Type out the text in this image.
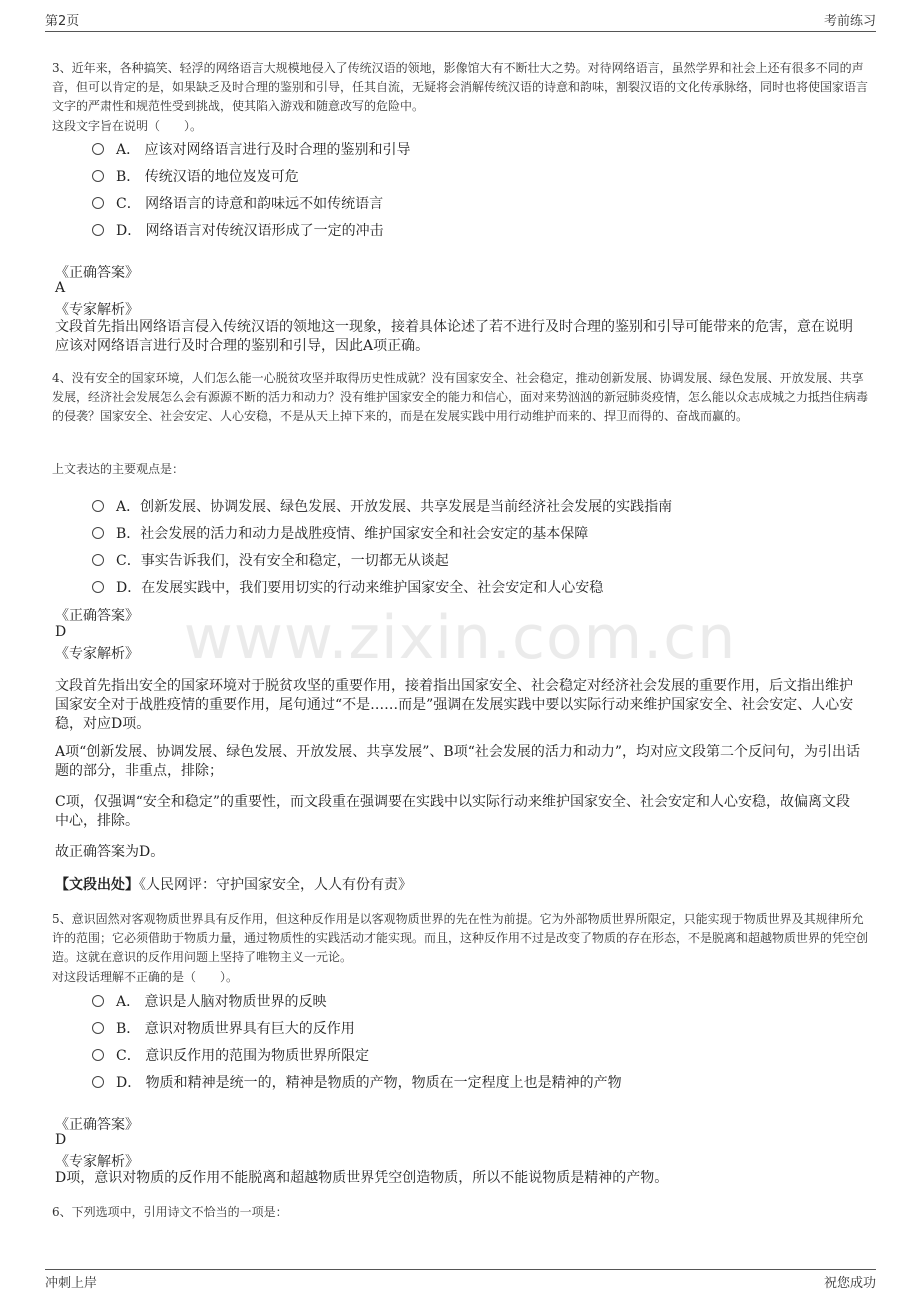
第2页	考前练习
www.zixin.com.cn
3、近年来，各种搞笑、轻浮的网络语言大规模地侵入了传统汉语的领地，影像馆大有不断壮大之势。对待网络语言，虽然学界和社会上还有很多不同的声音，但可以肯定的是，如果缺乏及时合理的鉴别和引导，任其自流，无疑将会消解传统汉语的诗意和韵味，割裂汉语的文化传承脉络，同时也将使国家语言文字的严肃性和规范性受到挑战，使其陷入游戏和随意改写的危险中。
这段文字旨在说明（　　）。
A． 应该对网络语言进行及时合理的鉴别和引导
B． 传统汉语的地位岌岌可危
C． 网络语言的诗意和韵味远不如传统语言
D． 网络语言对传统汉语形成了一定的冲击
《正确答案》
A
《专家解析》
文段首先指出网络语言侵入传统汉语的领地这一现象，接着具体论述了若不进行及时合理的鉴别和引导可能带来的危害，意在说明应该对网络语言进行及时合理的鉴别和引导，因此A项正确。
4、没有安全的国家环境，人们怎么能一心脱贫攻坚并取得历史性成就？没有国家安全、社会稳定，推动创新发展、协调发展、绿色发展、开放发展、共享发展，经济社会发展怎么会有源源不断的活力和动力？没有维护国家安全的能力和信心，面对来势汹汹的新冠肺炎疫情，怎么能以众志成城之力抵挡住病毒的侵袭？国家安全、社会安定、人心安稳，不是从天上掉下来的，而是在发展实践中用行动维护而来的、捍卫而得的、奋战而赢的。
上文表达的主要观点是：
A．创新发展、协调发展、绿色发展、开放发展、共享发展是当前经济社会发展的实践指南
B．社会发展的活力和动力是战胜疫情、维护国家安全和社会安定的基本保障
C．事实告诉我们，没有安全和稳定，一切都无从谈起
D．在发展实践中，我们要用切实的行动来维护国家安全、社会安定和人心安稳
《正确答案》
D
《专家解析》
文段首先指出安全的国家环境对于脱贫攻坚的重要作用，接着指出国家安全、社会稳定对经济社会发展的重要作用，后文指出维护国家安全对于战胜疫情的重要作用，尾句通过“不是……而是”强调在发展实践中要以实际行动来维护国家安全、社会安定、人心安稳，对应D项。
A项“创新发展、协调发展、绿色发展、开放发展、共享发展”、B项“社会发展的活力和动力”，均对应文段第二个反问句，为引出话题的部分，非重点，排除；
C项，仅强调“安全和稳定”的重要性，而文段重在强调要在实践中以实际行动来维护国家安全、社会安定和人心安稳，故偏离文段中心，排除。
故正确答案为D。
【文段出处】《人民网评：守护国家安全，人人有份有责》
5、意识固然对客观物质世界具有反作用，但这种反作用是以客观物质世界的先在性为前提。它为外部物质世界所限定，只能实现于物质世界及其规律所允许的范围；它必须借助于物质力量，通过物质性的实践活动才能实现。而且，这种反作用不过是改变了物质的存在形态，不是脱离和超越物质世界的凭空创造。这就在意识的反作用问题上坚持了唯物主义一元论。
对这段话理解不正确的是（　　）。
A． 意识是人脑对物质世界的反映
B． 意识对物质世界具有巨大的反作用
C． 意识反作用的范围为物质世界所限定
D． 物质和精神是统一的，精神是物质的产物，物质在一定程度上也是精神的产物
《正确答案》
D
《专家解析》
D项，意识对物质的反作用不能脱离和超越物质世界凭空创造物质，所以不能说物质是精神的产物。
6、下列选项中，引用诗文不恰当的一项是：
冲刺上岸	祝您成功
